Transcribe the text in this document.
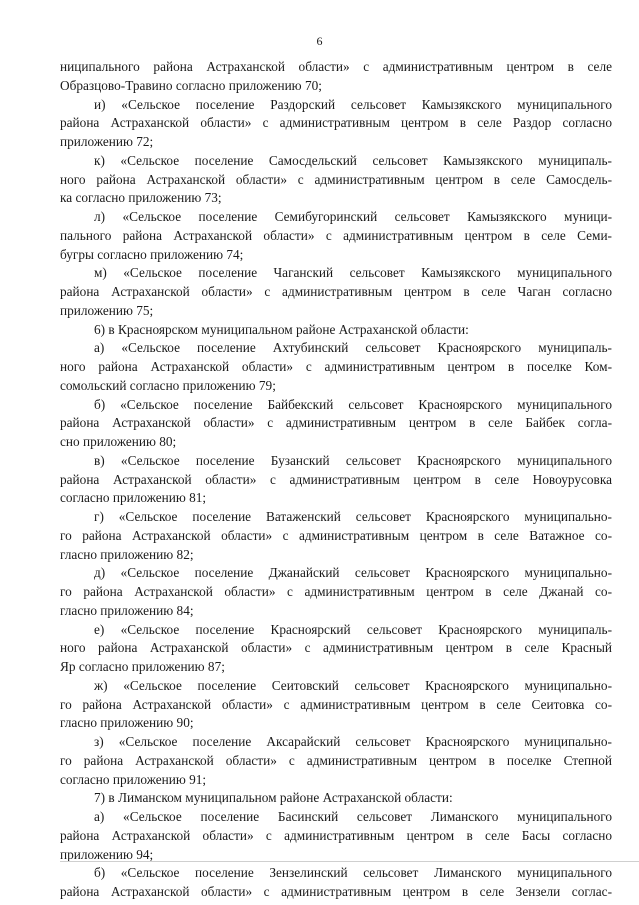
6
ниципального района Астраханской области» с административным центром в селе
Образцово-Травино согласно приложению 70;
и) «Сельское поселение Раздорский сельсовет Камызякского муниципального
района Астраханской области» с административным центром в селе Раздор согласно
приложению 72;
к) «Сельское поселение Самосдельский сельсовет Камызякского муниципаль-
ного района Астраханской области» с административным центром в селе Самосдель-
ка согласно приложению 73;
л) «Сельское поселение Семибугоринский сельсовет Камызякского муници-
пального района Астраханской области» с административным центром в селе Семи-
бугры согласно приложению 74;
м) «Сельское поселение Чаганский сельсовет Камызякского муниципального
района Астраханской области» с административным центром в селе Чаган согласно
приложению 75;
6) в Красноярском муниципальном районе Астраханской области:
а) «Сельское поселение Ахтубинский сельсовет Красноярского муниципаль-
ного района Астраханской области» с административным центром в поселке Ком-
сомольский согласно приложению 79;
б) «Сельское поселение Байбекский сельсовет Красноярского муниципального
района Астраханской области» с административным центром в селе Байбек согла-
сно приложению 80;
в) «Сельское поселение Бузанский сельсовет Красноярского муниципального
района Астраханской области» с административным центром в селе Новоурусовка
согласно приложению 81;
г) «Сельское поселение Ватаженский сельсовет Красноярского муниципально-
го района Астраханской области» с административным центром в селе Ватажное со-
гласно приложению 82;
д) «Сельское поселение Джанайский сельсовет Красноярского муниципально-
го района Астраханской области» с административным центром в селе Джанай со-
гласно приложению 84;
е) «Сельское поселение Красноярский сельсовет Красноярского муниципаль-
ного района Астраханской области» с административным центром в селе Красный
Яр согласно приложению 87;
ж) «Сельское поселение Сеитовский сельсовет Красноярского муниципально-
го района Астраханской области» с административным центром в селе Сеитовка со-
гласно приложению 90;
з) «Сельское поселение Аксарайский сельсовет Красноярского муниципально-
го района Астраханской области» с административным центром в поселке Степной
согласно приложению 91;
7) в Лиманском муниципальном районе Астраханской области:
а) «Сельское поселение Басинский сельсовет Лиманского муниципального
района Астраханской области» с административным центром в селе Басы согласно
приложению 94;
б) «Сельское поселение Зензелинский сельсовет Лиманского муниципального
района Астраханской области» с административным центром в селе Зензели соглас-
